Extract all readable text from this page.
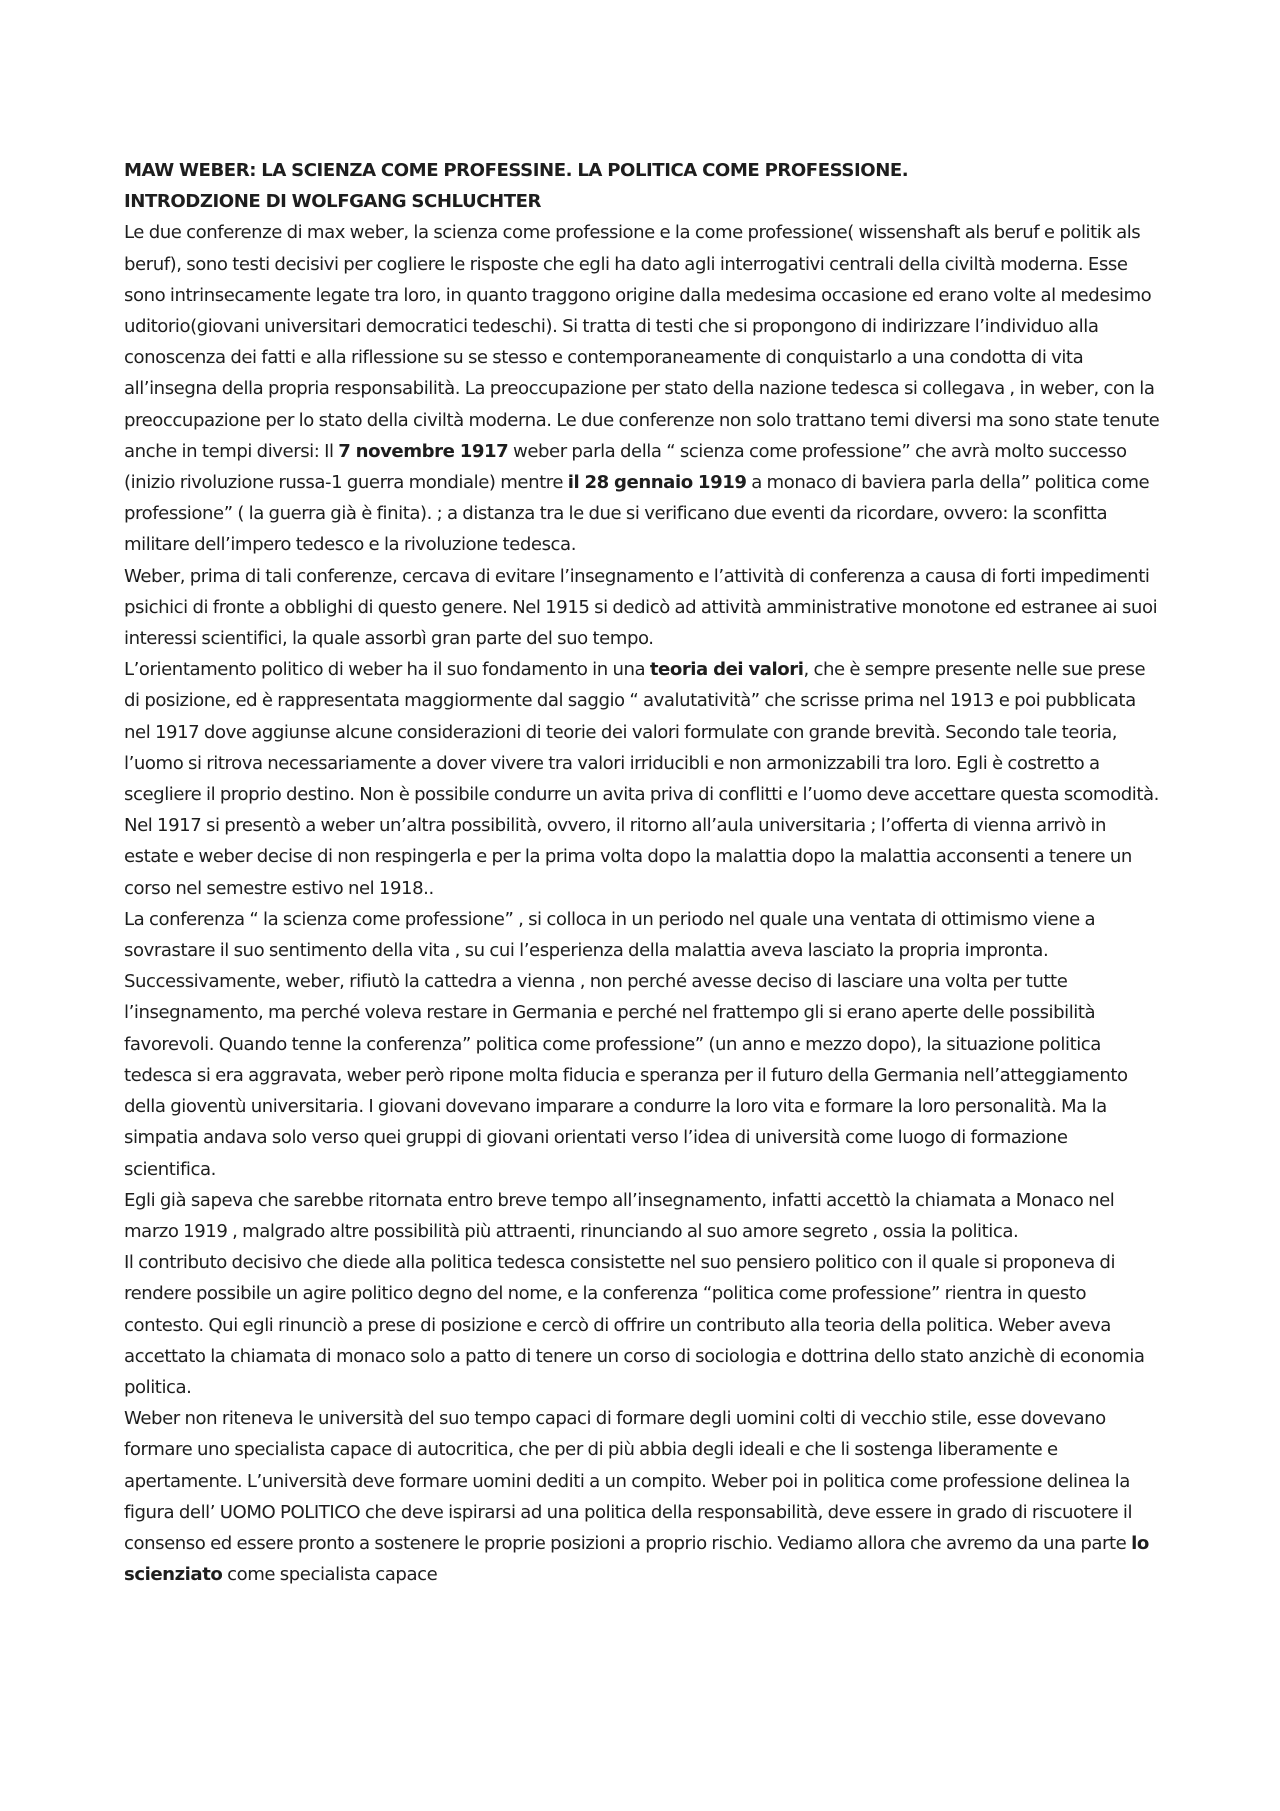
MAW WEBER: LA SCIENZA COME PROFESSINE. LA POLITICA COME PROFESSIONE.
INTRODZIONE DI WOLFGANG SCHLUCHTER

Le due conferenze di max weber, la scienza come professione e la come professione( wissenshaft als beruf e politik als beruf), sono testi decisivi per cogliere le risposte che egli ha dato agli interrogativi centrali della civiltà moderna. Esse sono intrinsecamente legate tra loro, in quanto traggono origine dalla medesima occasione ed erano volte al medesimo uditorio(giovani universitari democratici tedeschi). Si tratta di testi che si propongono di indirizzare l’individuo alla conoscenza dei fatti e alla riflessione su se stesso e contemporaneamente di conquistarlo a una condotta di vita all’insegna della propria responsabilità. La preoccupazione per stato della nazione tedesca si collegava , in weber, con la preoccupazione per lo stato della civiltà moderna. Le due conferenze non solo trattano temi diversi ma sono state tenute anche in tempi diversi: Il 7 novembre 1917 weber parla della “ scienza come professione” che avrà molto successo (inizio rivoluzione russa-1 guerra mondiale) mentre il 28 gennaio 1919 a monaco di baviera parla della” politica come professione” ( la guerra già è finita). ; a distanza tra le due si verificano due eventi da ricordare, ovvero: la sconfitta militare dell’impero tedesco e la rivoluzione tedesca.

Weber, prima di tali conferenze, cercava di evitare l’insegnamento e l’attività di conferenza a causa di forti impedimenti psichici di fronte a obblighi di questo genere. Nel 1915 si dedicò ad attività amministrative monotone ed estranee ai suoi interessi scientifici, la quale assorbì gran parte del suo tempo.

L’orientamento politico di weber ha il suo fondamento in una teoria dei valori, che è sempre presente nelle sue prese di posizione, ed è rappresentata maggiormente dal saggio “ avalutatività” che scrisse prima nel 1913 e poi pubblicata nel 1917 dove aggiunse alcune considerazioni di teorie dei valori formulate con grande brevità. Secondo tale teoria, l’uomo si ritrova necessariamente a dover vivere tra valori irriducibli e non armonizzabili tra loro. Egli è costretto a scegliere il proprio destino. Non è possibile condurre un avita priva di conflitti e l’uomo deve accettare questa scomodità.

Nel 1917 si presentò a weber un’altra possibilità, ovvero, il ritorno all’aula universitaria ; l’offerta di vienna arrivò in estate e weber decise di non respingerla e per la prima volta dopo la malattia dopo la malattia acconsenti a tenere un corso nel semestre estivo nel 1918..

La conferenza “ la scienza come professione” , si colloca in un periodo nel quale una ventata di ottimismo viene a sovrastare il suo sentimento della vita , su cui l’esperienza della malattia aveva lasciato la propria impronta. Successivamente, weber, rifiutò la cattedra a vienna , non perché avesse deciso di lasciare una volta per tutte l’insegnamento, ma perché voleva restare in Germania e perché nel frattempo gli si erano aperte delle possibilità favorevoli. Quando tenne la conferenza” politica come professione” (un anno e mezzo dopo), la situazione politica tedesca si era aggravata, weber però ripone molta fiducia e speranza per il futuro della Germania nell’atteggiamento della gioventù universitaria. I giovani dovevano imparare a condurre la loro vita e formare la loro personalità. Ma la simpatia andava solo verso quei gruppi di giovani orientati verso l’idea di università come luogo di formazione scientifica.

Egli già sapeva che sarebbe ritornata entro breve tempo all’insegnamento, infatti accettò la chiamata a Monaco nel marzo 1919 , malgrado altre possibilità più attraenti, rinunciando al suo amore segreto , ossia la politica.

Il contributo decisivo che diede alla politica tedesca consistette nel suo pensiero politico con il quale si proponeva di rendere possibile un agire politico degno del nome, e la conferenza “politica come professione” rientra in questo contesto. Qui egli rinunciò a prese di posizione e cercò di offrire un contributo alla teoria della politica. Weber aveva accettato la chiamata di monaco solo a patto di tenere un corso di sociologia e dottrina dello stato anzichè di economia politica.

Weber non riteneva le università del suo tempo capaci di formare degli uomini colti di vecchio stile, esse dovevano formare uno specialista capace di autocritica, che per di più abbia degli ideali e che li sostenga liberamente e apertamente. L’università deve formare uomini dediti a un compito. Weber poi in politica come professione delinea la figura dell’ UOMO POLITICO che deve ispirarsi ad una politica della responsabilità, deve essere in grado di riscuotere il consenso ed essere pronto a sostenere le proprie posizioni a proprio rischio. Vediamo allora che avremo da una parte lo scienziato come specialista capace
